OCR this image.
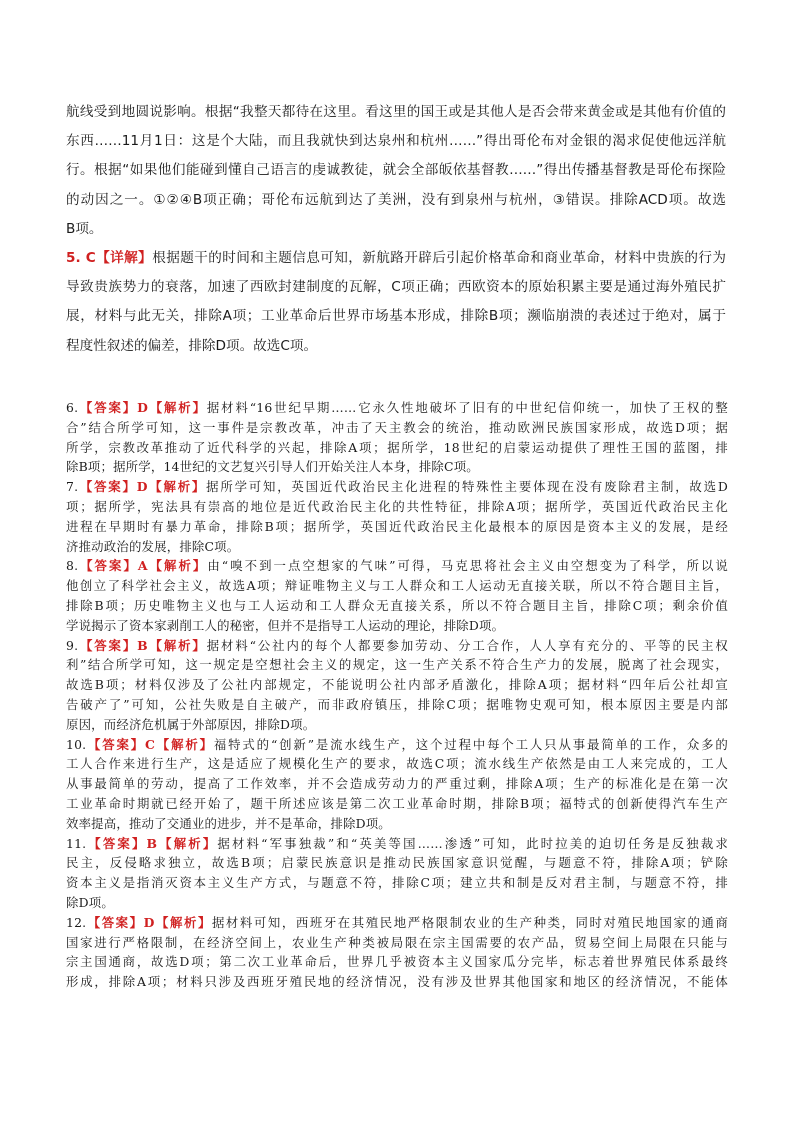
航线受到地圆说影响。根据“我整天都待在这里。看这里的国王或是其他人是否会带来黄金或是其他有价值的
东西……11月1日：这是个大陆，而且我就快到达泉州和杭州……”得出哥伦布对金银的渴求促使他远洋航
行。根据“如果他们能碰到懂自己语言的虔诚教徒，就会全部皈依基督教……”得出传播基督教是哥伦布探险
的动因之一。①②④B项正确；哥伦布远航到达了美洲，没有到泉州与杭州，③错误。排除ACD项。故选
B项。
5. C【详解】根据题干的时间和主题信息可知，新航路开辟后引起价格革命和商业革命，材料中贵族的行为
导致贵族势力的衰落，加速了西欧封建制度的瓦解，C项正确；西欧资本的原始积累主要是通过海外殖民扩
展，材料与此无关，排除A项；工业革命后世界市场基本形成，排除B项；濒临崩溃的表述过于绝对，属于
程度性叙述的偏差，排除D项。故选C项。
6.【答案】D【解析】据材料“16世纪早期……它永久性地破坏了旧有的中世纪信仰统一，加快了王权的整
合”结合所学可知，这一事件是宗教改革，冲击了天主教会的统治，推动欧洲民族国家形成，故选D项；据
所学，宗教改革推动了近代科学的兴起，排除A项；据所学，18世纪的启蒙运动提供了理性王国的蓝图，排
除B项；据所学，14世纪的文艺复兴引导人们开始关注人本身，排除C项。
7.【答案】D【解析】据所学可知，英国近代政治民主化进程的特殊性主要体现在没有废除君主制，故选D
项；据所学，宪法具有崇高的地位是近代政治民主化的共性特征，排除A项；据所学，英国近代政治民主化
进程在早期时有暴力革命，排除B项；据所学，英国近代政治民主化最根本的原因是资本主义的发展，是经
济推动政治的发展，排除C项。
8.【答案】A【解析】由“嗅不到一点空想家的气味”可得，马克思将社会主义由空想变为了科学，所以说
他创立了科学社会主义，故选A项；辩证唯物主义与工人群众和工人运动无直接关联，所以不符合题目主旨，
排除B项；历史唯物主义也与工人运动和工人群众无直接关系，所以不符合题目主旨，排除C项；剩余价值
学说揭示了资本家剥削工人的秘密，但并不是指导工人运动的理论，排除D项。
9.【答案】B【解析】据材料“公社内的每个人都要参加劳动、分工合作，人人享有充分的、平等的民主权
利”结合所学可知，这一规定是空想社会主义的规定，这一生产关系不符合生产力的发展，脱离了社会现实，
故选B项；材料仅涉及了公社内部规定，不能说明公社内部矛盾激化，排除A项；据材料“四年后公社却宣
告破产了”可知，公社失败是自主破产，而非政府镇压，排除C项；据唯物史观可知，根本原因主要是内部
原因，而经济危机属于外部原因，排除D项。
10.【答案】C【解析】福特式的“创新”是流水线生产，这个过程中每个工人只从事最简单的工作，众多的
工人合作来进行生产，这是适应了规模化生产的要求，故选C项；流水线生产依然是由工人来完成的，工人
从事最简单的劳动，提高了工作效率，并不会造成劳动力的严重过剩，排除A项；生产的标准化是在第一次
工业革命时期就已经开始了，题干所述应该是第二次工业革命时期，排除B项；福特式的创新使得汽车生产
效率提高，推动了交通业的进步，并不是革命，排除D项。
11.【答案】B【解析】据材料“军事独裁”和“英美等国……渗透”可知，此时拉美的迫切任务是反独裁求
民主，反侵略求独立，故选B项；启蒙民族意识是推动民族国家意识觉醒，与题意不符，排除A项；铲除
资本主义是指消灭资本主义生产方式，与题意不符，排除C项；建立共和制是反对君主制，与题意不符，排
除D项。
12.【答案】D【解析】据材料可知，西班牙在其殖民地严格限制农业的生产种类，同时对殖民地国家的通商
国家进行严格限制，在经济空间上，农业生产种类被局限在宗主国需要的农产品，贸易空间上局限在只能与
宗主国通商，故选D项；第二次工业革命后，世界几乎被资本主义国家瓜分完毕，标志着世界殖民体系最终
形成，排除A项；材料只涉及西班牙殖民地的经济情况，没有涉及世界其他国家和地区的经济情况，不能体
